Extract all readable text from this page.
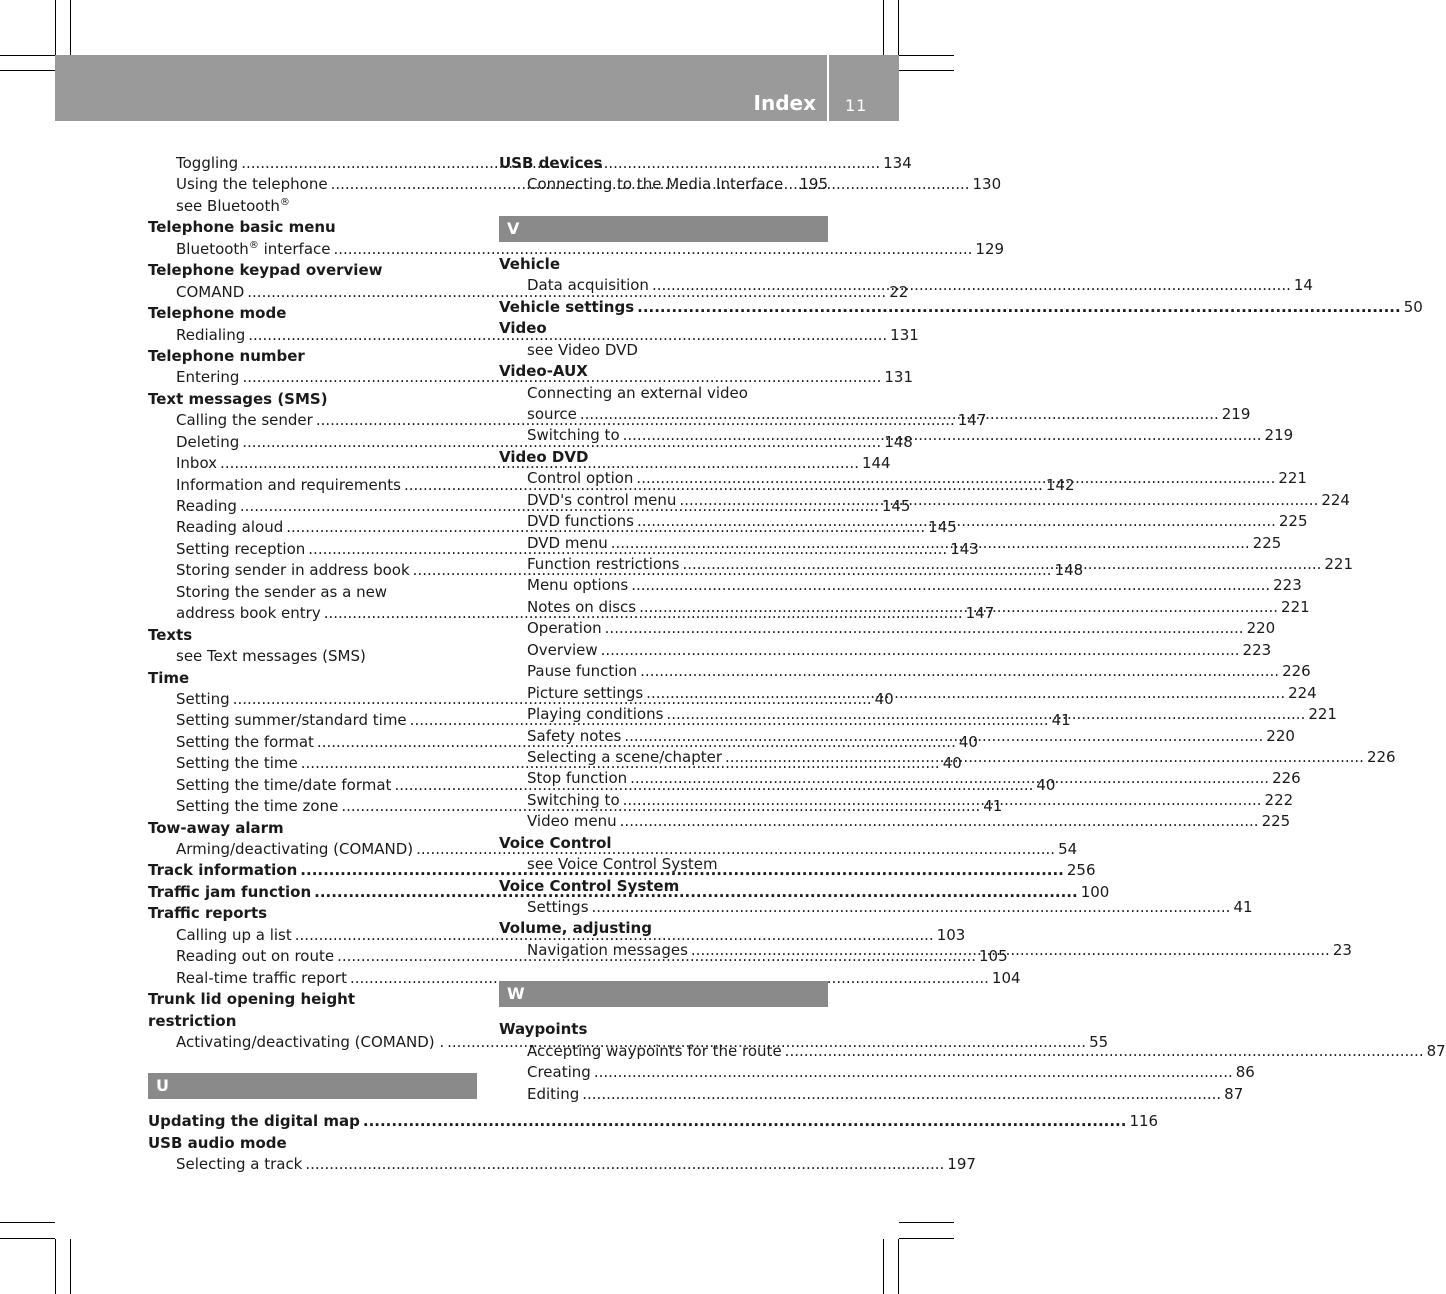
Index 11
Toggling .....	134
Using the telephone .....	130
see Bluetooth®
Telephone basic menu
Bluetooth® interface .....	129
Telephone keypad overview
COMAND .....	22
Telephone mode
Redialing .....	131
Telephone number
Entering .....	131
Text messages (SMS)
Calling the sender .....	147
Deleting .....	148
Inbox .....	144
Information and requirements .....	142
Reading .....	145
Reading aloud .....	145
Setting reception .....	143
Storing sender in address book .....	148
Storing the sender as a new
address book entry .....	147
Texts
see Text messages (SMS)
Time
Setting .....	40
Setting summer/standard time .....	41
Setting the format .....	40
Setting the time .....	40
Setting the time/date format .....	40
Setting the time zone .....	41
Tow-away alarm
Arming/deactivating (COMAND) .....	54
Track information .....	256
Traffic jam function .....	100
Traffic reports
Calling up a list .....	103
Reading out on route .....	105
Real-time traffic report .....	104
Trunk lid opening height
restriction
Activating/deactivating (COMAND) . .....	55
U
Updating the digital map .....	116
USB audio mode
Selecting a track .....	197
USB devices
Connecting to the Media Interface 195
V
Vehicle
Data acquisition .....	14
Vehicle settings .....	50
Video
see Video DVD
Video-AUX
Connecting an external video
source .....	219
Switching to .....	219
Video DVD
Control option .....	221
DVD's control menu .....	224
DVD functions .....	225
DVD menu .....	225
Function restrictions .....	221
Menu options .....	223
Notes on discs .....	221
Operation .....	220
Overview .....	223
Pause function .....	226
Picture settings .....	224
Playing conditions .....	221
Safety notes .....	220
Selecting a scene/chapter .....	226
Stop function .....	226
Switching to .....	222
Video menu .....	225
Voice Control
see Voice Control System
Voice Control System
Settings .....	41
Volume, adjusting
Navigation messages .....	23
W
Waypoints
Accepting waypoints for the route .....	87
Creating .....	86
Editing .....	87
